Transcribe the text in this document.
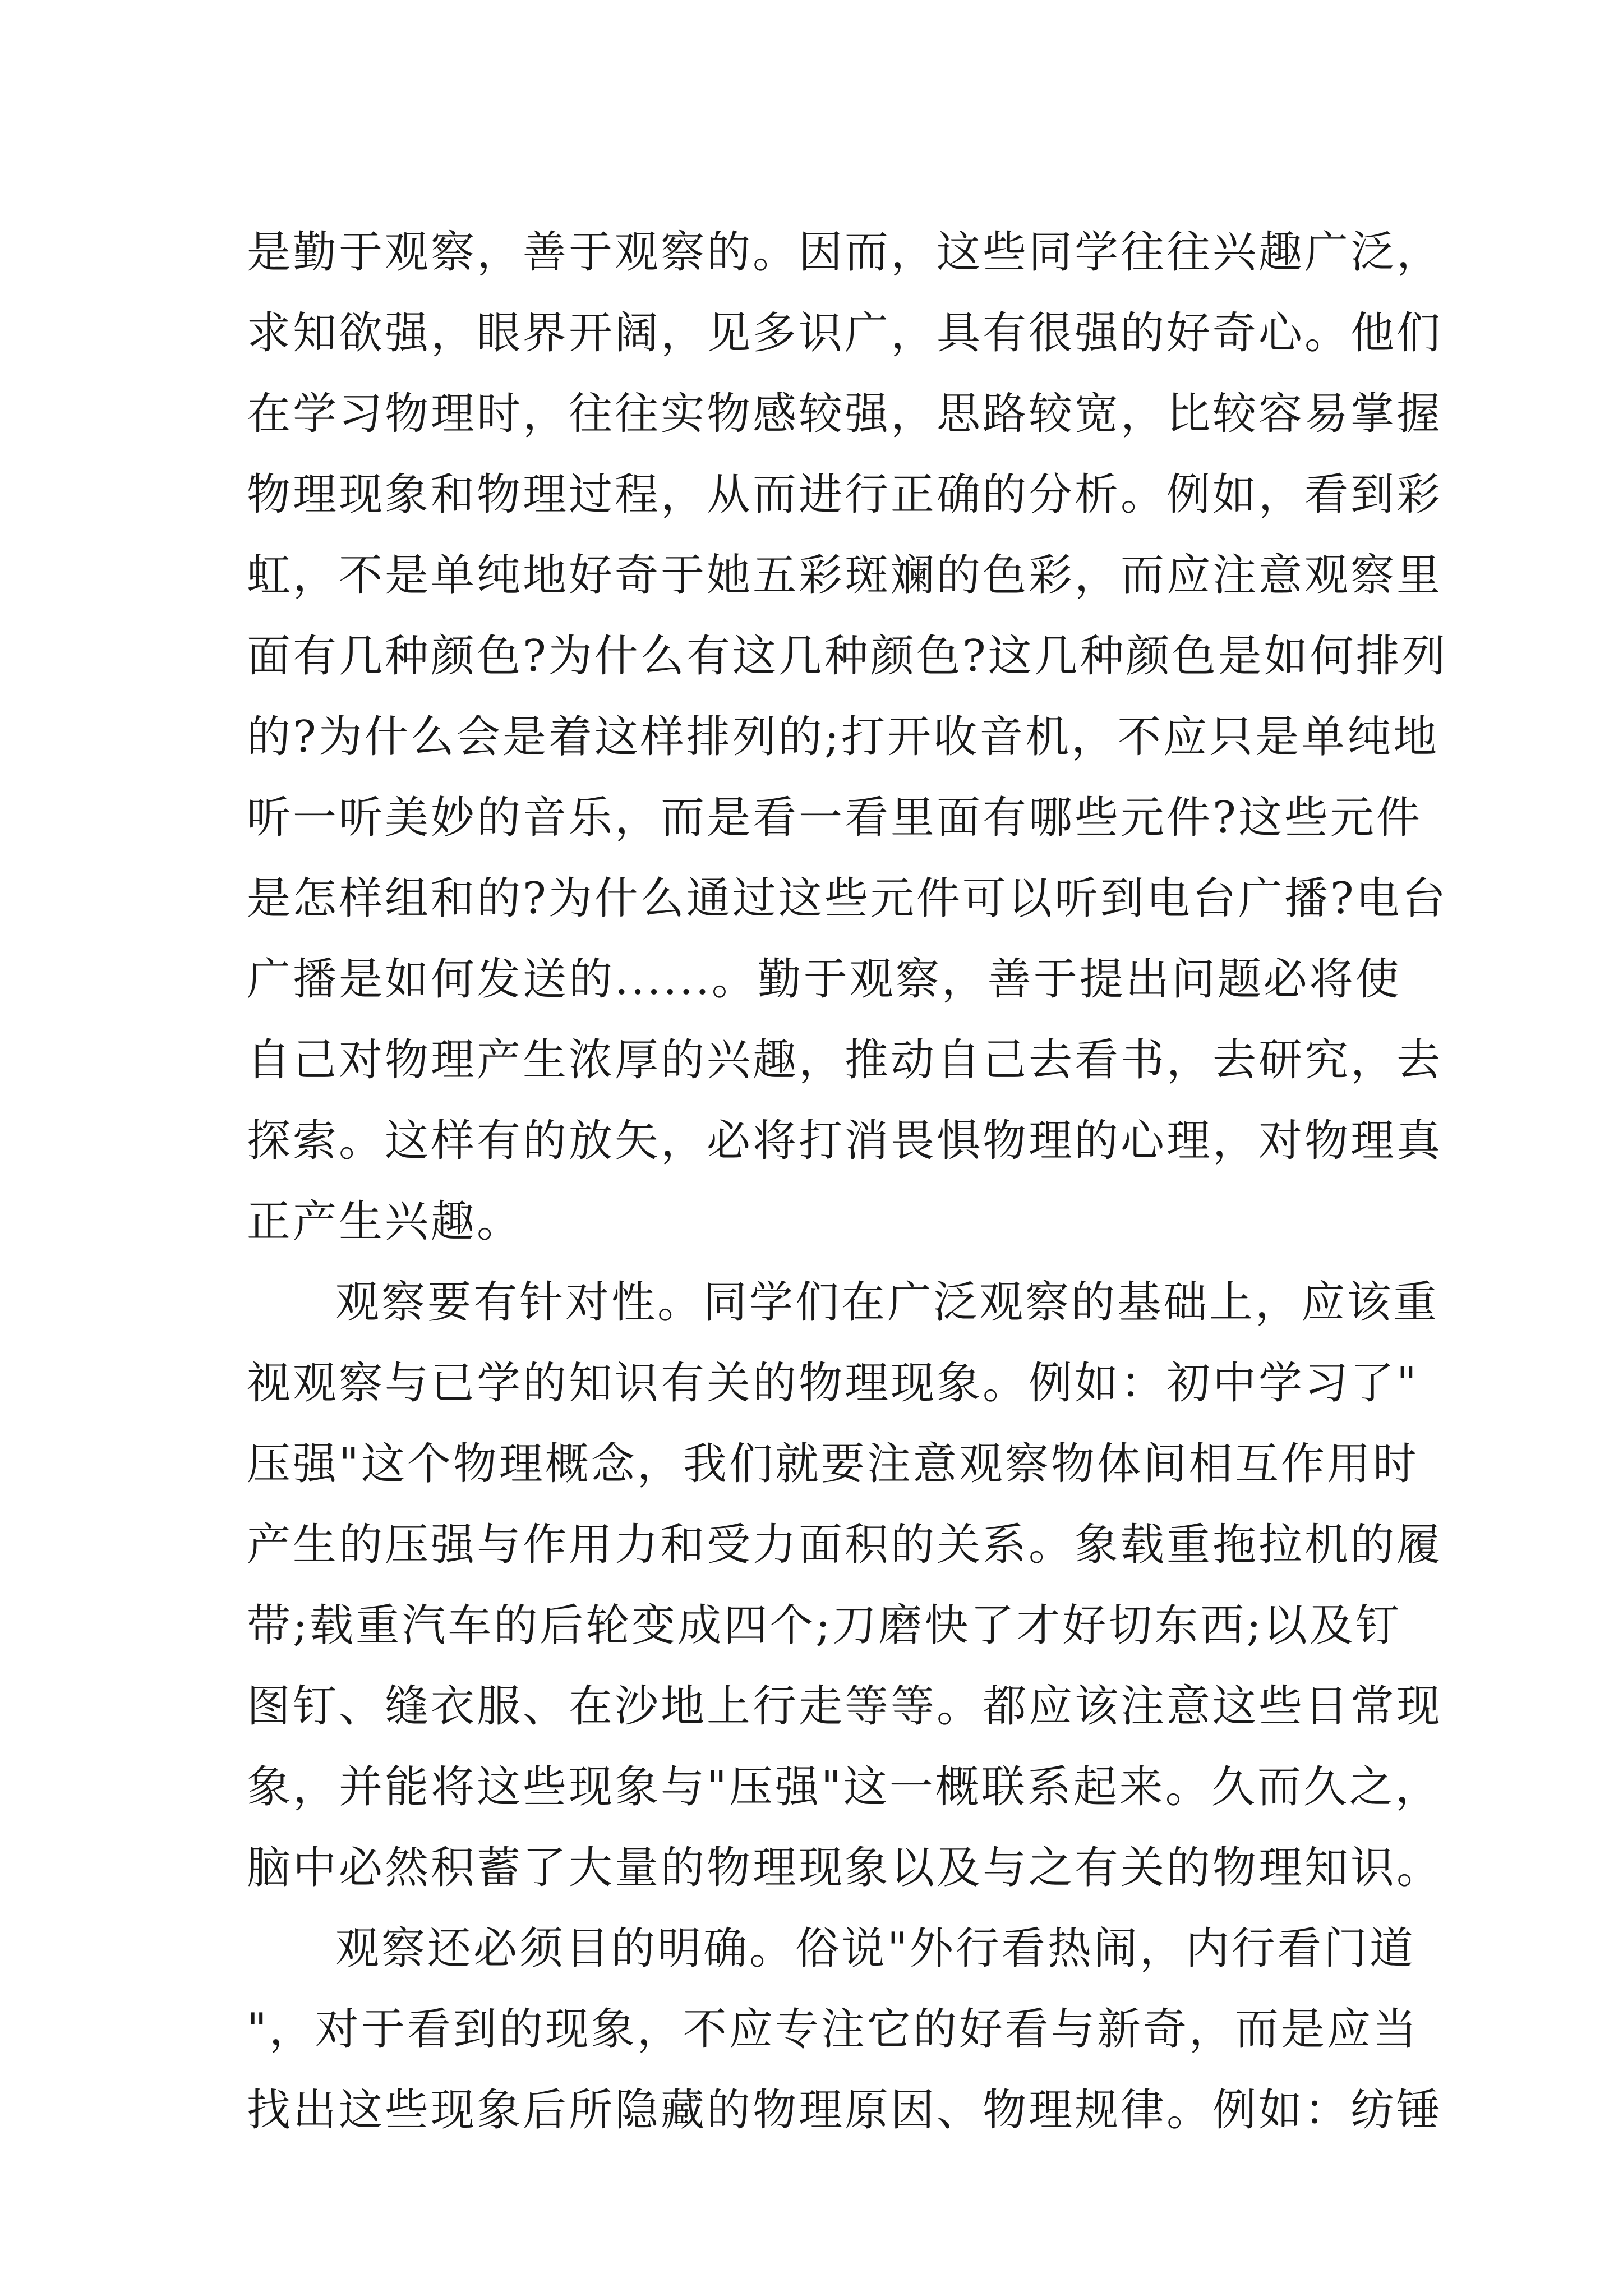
是勤于观察，善于观察的。因而，这些同学往往兴趣广泛，
求知欲强，眼界开阔，见多识广，具有很强的好奇心。他们
在学习物理时，往往实物感较强，思路较宽，比较容易掌握
物理现象和物理过程，从而进行正确的分析。例如，看到彩
虹，不是单纯地好奇于她五彩斑斓的色彩，而应注意观察里
面有几种颜色?为什么有这几种颜色?这几种颜色是如何排列
的?为什么会是着这样排列的;打开收音机，不应只是单纯地
听一听美妙的音乐，而是看一看里面有哪些元件?这些元件
是怎样组和的?为什么通过这些元件可以听到电台广播?电台
广播是如何发送的......。勤于观察，善于提出问题必将使
自己对物理产生浓厚的兴趣，推动自己去看书，去研究，去
探索。这样有的放矢，必将打消畏惧物理的心理，对物理真
正产生兴趣。
观察要有针对性。同学们在广泛观察的基础上，应该重
视观察与已学的知识有关的物理现象。例如：初中学习了"
压强"这个物理概念，我们就要注意观察物体间相互作用时
产生的压强与作用力和受力面积的关系。象载重拖拉机的履
带;载重汽车的后轮变成四个;刀磨快了才好切东西;以及钉
图钉、缝衣服、在沙地上行走等等。都应该注意这些日常现
象，并能将这些现象与"压强"这一概联系起来。久而久之，
脑中必然积蓄了大量的物理现象以及与之有关的物理知识。
观察还必须目的明确。俗说"外行看热闹，内行看门道
"，对于看到的现象，不应专注它的好看与新奇，而是应当
找出这些现象后所隐藏的物理原因、物理规律。例如：纺锤
